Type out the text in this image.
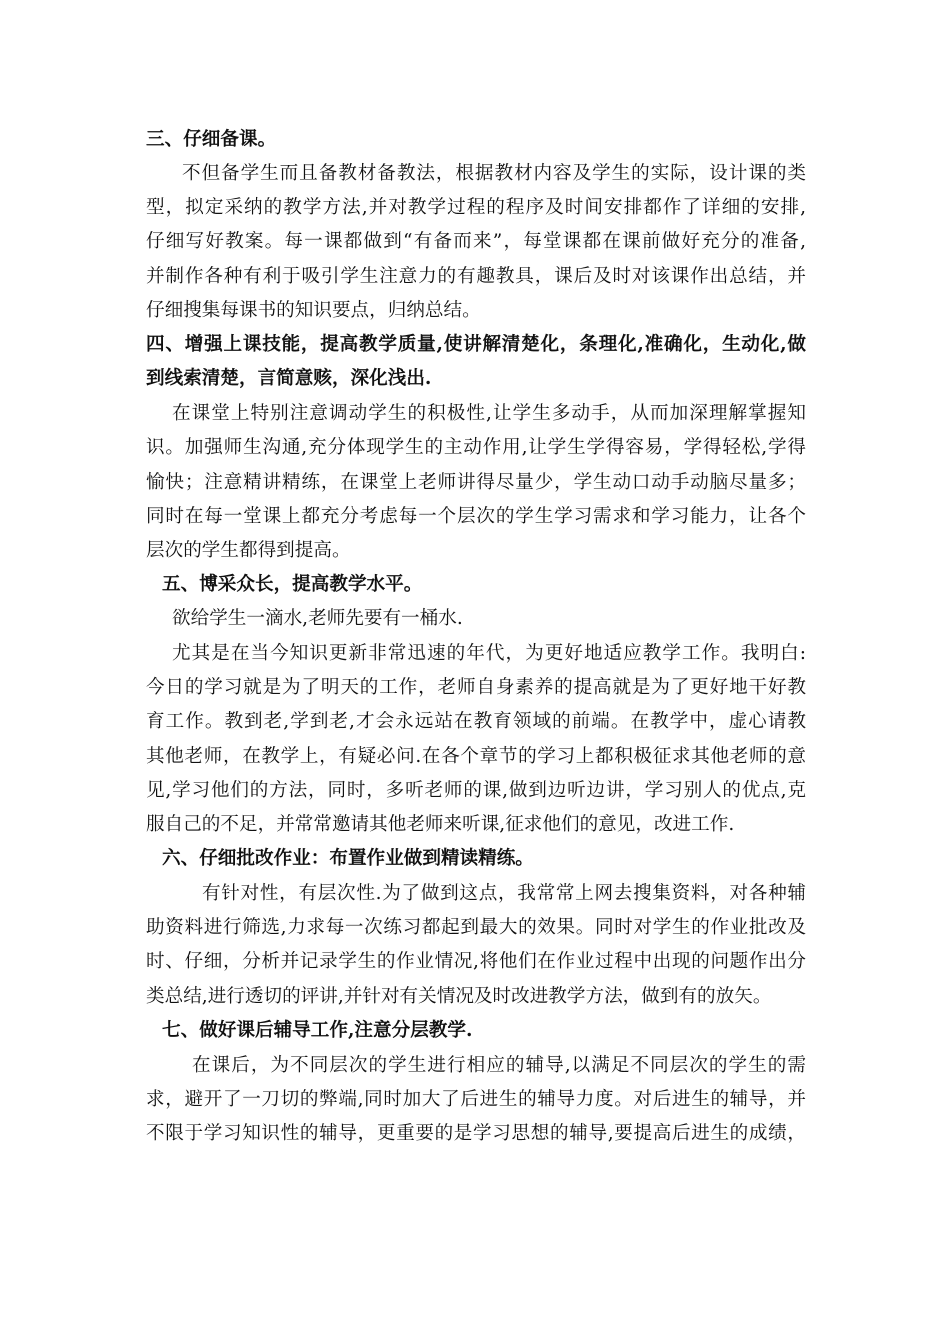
三、仔细备课。
不但备学生而且备教材备教法，根据教材内容及学生的实际，设计课的类
型，拟定采纳的教学方法,并对教学过程的程序及时间安排都作了详细的安排,
仔细写好教案。每一课都做到“有备而来”，每堂课都在课前做好充分的准备,
并制作各种有利于吸引学生注意力的有趣教具，课后及时对该课作出总结，并
仔细搜集每课书的知识要点，归纳总结。
四、增强上课技能，提高教学质量,使讲解清楚化，条理化,准确化，生动化,做
到线索清楚，言简意赅，深化浅出.
在课堂上特别注意调动学生的积极性,让学生多动手，从而加深理解掌握知
识。加强师生沟通,充分体现学生的主动作用,让学生学得容易，学得轻松,学得
愉快；注意精讲精练，在课堂上老师讲得尽量少，学生动口动手动脑尽量多；
同时在每一堂课上都充分考虑每一个层次的学生学习需求和学习能力，让各个
层次的学生都得到提高。
五、博采众长，提高教学水平。
欲给学生一滴水,老师先要有一桶水.
尤其是在当今知识更新非常迅速的年代，为更好地适应教学工作。我明白:
今日的学习就是为了明天的工作，老师自身素养的提高就是为了更好地干好教
育工作。教到老,学到老,才会永远站在教育领域的前端。在教学中，虚心请教
其他老师，在教学上，有疑必问.在各个章节的学习上都积极征求其他老师的意
见,学习他们的方法，同时，多听老师的课,做到边听边讲，学习别人的优点,克
服自己的不足，并常常邀请其他老师来听课,征求他们的意见，改进工作.
六、仔细批改作业：布置作业做到精读精练。
有针对性，有层次性.为了做到这点，我常常上网去搜集资料，对各种辅
助资料进行筛选,力求每一次练习都起到最大的效果。同时对学生的作业批改及
时、仔细，分析并记录学生的作业情况,将他们在作业过程中出现的问题作出分
类总结,进行透切的评讲,并针对有关情况及时改进教学方法，做到有的放矢。
七、做好课后辅导工作,注意分层教学.
在课后，为不同层次的学生进行相应的辅导,以满足不同层次的学生的需
求，避开了一刀切的弊端,同时加大了后进生的辅导力度。对后进生的辅导，并
不限于学习知识性的辅导，更重要的是学习思想的辅导,要提高后进生的成绩，
